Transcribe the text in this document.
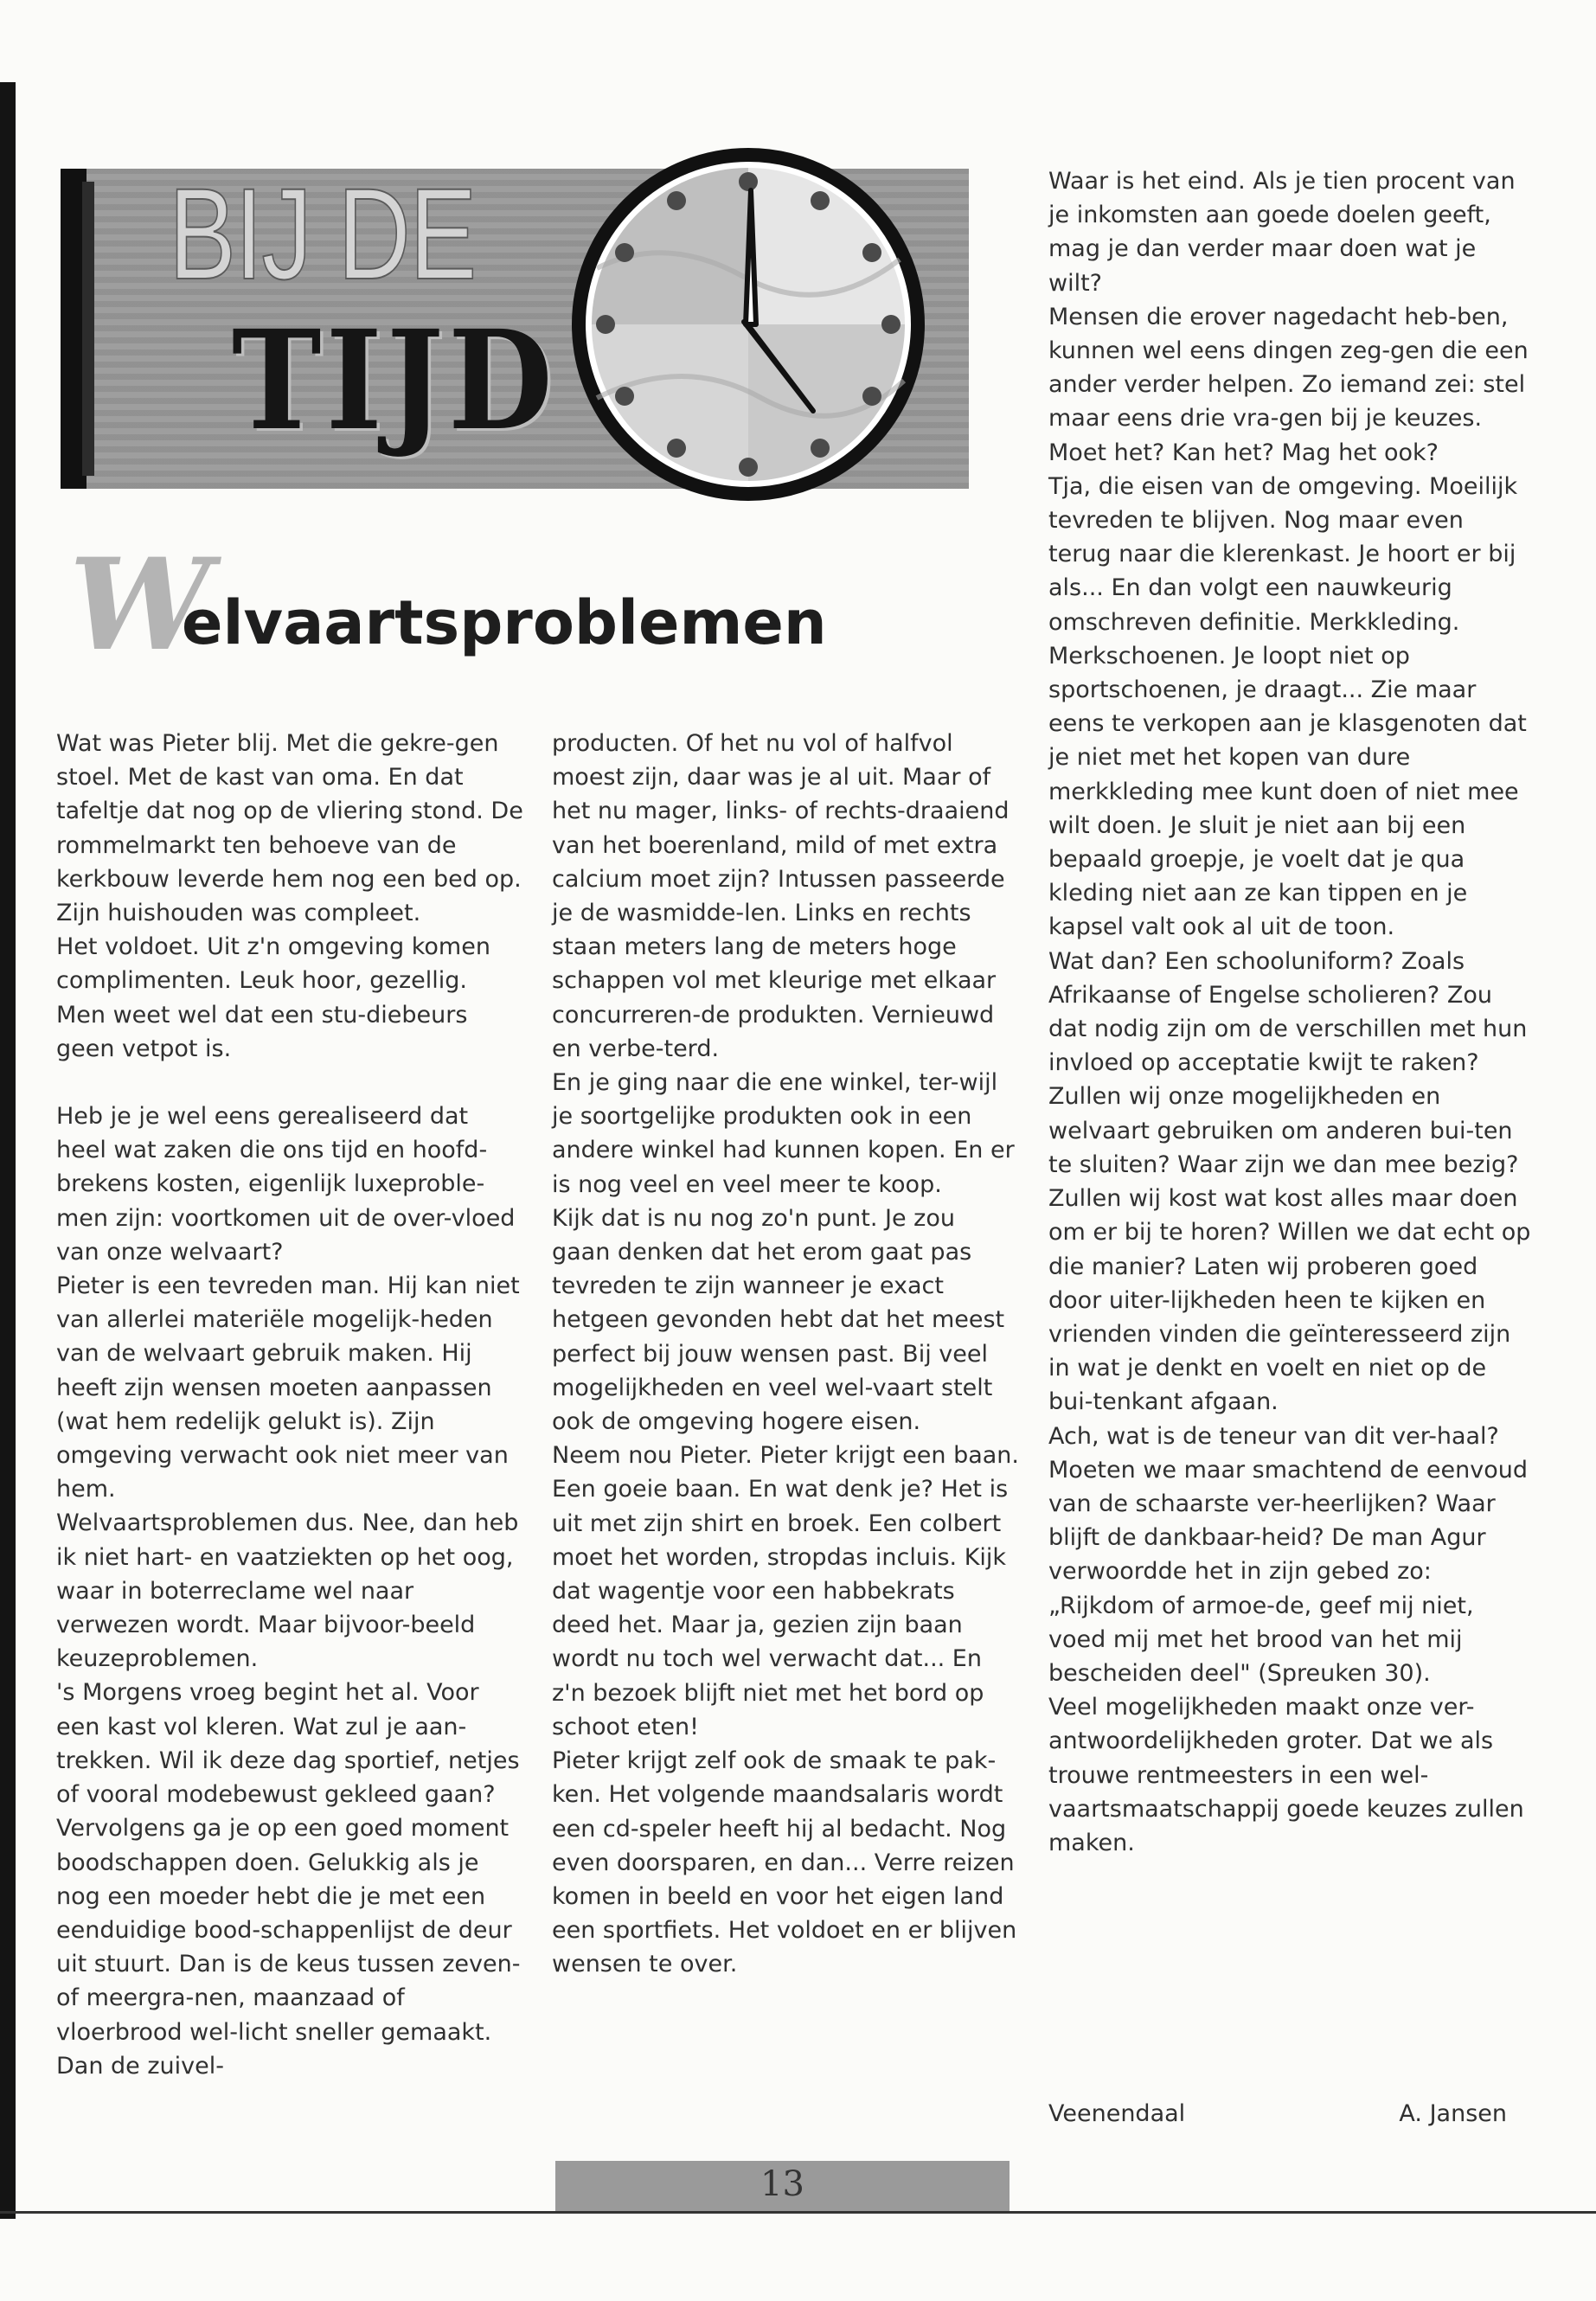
BIJ DE
TIJD
Welvaartsproblemen

Wat was Pieter blij. Met die gekre-gen stoel. Met de kast van oma. En dat tafeltje dat nog op de vliering stond. De rommelmarkt ten behoeve van de kerkbouw leverde hem nog een bed op. Zijn huishouden was compleet.

Het voldoet. Uit z'n omgeving komen complimenten. Leuk hoor, gezellig. Men weet wel dat een stu-diebeurs geen vetpot is.

Heb je je wel eens gerealiseerd dat heel wat zaken die ons tijd en hoofd-brekens kosten, eigenlijk luxeproble-men zijn: voortkomen uit de over-vloed van onze welvaart?

Pieter is een tevreden man. Hij kan niet van allerlei materiële mogelijk-heden van de welvaart gebruik maken. Hij heeft zijn wensen moeten aanpassen (wat hem redelijk gelukt is). Zijn omgeving verwacht ook niet meer van hem.

Welvaartsproblemen dus. Nee, dan heb ik niet hart- en vaatziekten op het oog, waar in boterreclame wel naar verwezen wordt. Maar bijvoor-beeld keuzeproblemen.

's Morgens vroeg begint het al. Voor een kast vol kleren. Wat zul je aan-trekken. Wil ik deze dag sportief, netjes of vooral modebewust gekleed gaan?

Vervolgens ga je op een goed moment boodschappen doen. Gelukkig als je nog een moeder hebt die je met een eenduidige bood-schappenlijst de deur uit stuurt. Dan is de keus tussen zeven- of meergra-nen, maanzaad of vloerbrood wel-licht sneller gemaakt. Dan de zuivel-

producten. Of het nu vol of halfvol moest zijn, daar was je al uit. Maar of het nu mager, links- of rechts-draaiend van het boerenland, mild of met extra calcium moet zijn? Intussen passeerde je de wasmidde-len. Links en rechts staan meters lang de meters hoge schappen vol met kleurige met elkaar concurreren-de produkten. Vernieuwd en verbe-terd.

En je ging naar die ene winkel, ter-wijl je soortgelijke produkten ook in een andere winkel had kunnen kopen. En er is nog veel en veel meer te koop.

Kijk dat is nu nog zo'n punt. Je zou gaan denken dat het erom gaat pas tevreden te zijn wanneer je exact hetgeen gevonden hebt dat het meest perfect bij jouw wensen past. Bij veel mogelijkheden en veel wel-vaart stelt ook de omgeving hogere eisen.

Neem nou Pieter. Pieter krijgt een baan. Een goeie baan. En wat denk je? Het is uit met zijn shirt en broek. Een colbert moet het worden, stropdas incluis. Kijk dat wagentje voor een habbekrats deed het. Maar ja, gezien zijn baan wordt nu toch wel verwacht dat... En z'n bezoek blijft niet met het bord op schoot eten!

Pieter krijgt zelf ook de smaak te pak-ken. Het volgende maandsalaris wordt een cd-speler heeft hij al bedacht. Nog even doorsparen, en dan... Verre reizen komen in beeld en voor het eigen land een sportfiets. Het voldoet en er blijven wensen te over.

Waar is het eind. Als je tien procent van je inkomsten aan goede doelen geeft, mag je dan verder maar doen wat je wilt?

Mensen die erover nagedacht heb-ben, kunnen wel eens dingen zeg-gen die een ander verder helpen. Zo iemand zei: stel maar eens drie vra-gen bij je keuzes. Moet het? Kan het? Mag het ook?

Tja, die eisen van de omgeving. Moeilijk tevreden te blijven. Nog maar even terug naar die klerenkast. Je hoort er bij als... En dan volgt een nauwkeurig omschreven definitie. Merkkleding. Merkschoenen. Je loopt niet op sportschoenen, je draagt... Zie maar eens te verkopen aan je klasgenoten dat je niet met het kopen van dure merkkleding mee kunt doen of niet mee wilt doen. Je sluit je niet aan bij een bepaald groepje, je voelt dat je qua kleding niet aan ze kan tippen en je kapsel valt ook al uit de toon.

Wat dan? Een schooluniform? Zoals Afrikaanse of Engelse scholieren? Zou dat nodig zijn om de verschillen met hun invloed op acceptatie kwijt te raken?

Zullen wij onze mogelijkheden en welvaart gebruiken om anderen bui-ten te sluiten? Waar zijn we dan mee bezig? Zullen wij kost wat kost alles maar doen om er bij te horen? Willen we dat echt op die manier? Laten wij proberen goed door uiter-lijkheden heen te kijken en vrienden vinden die geïnteresseerd zijn in wat je denkt en voelt en niet op de bui-tenkant afgaan.

Ach, wat is de teneur van dit ver-haal? Moeten we maar smachtend de eenvoud van de schaarste ver-heerlijken? Waar blijft de dankbaar-heid? De man Agur verwoordde het in zijn gebed zo: „Rijkdom of armoe-de, geef mij niet, voed mij met het brood van het mij bescheiden deel" (Spreuken 30).

Veel mogelijkheden maakt onze ver-antwoordelijkheden groter. Dat we als trouwe rentmeesters in een wel-vaartsmaatschappij goede keuzes zullen maken.

Veenendaal	A. Jansen
13
